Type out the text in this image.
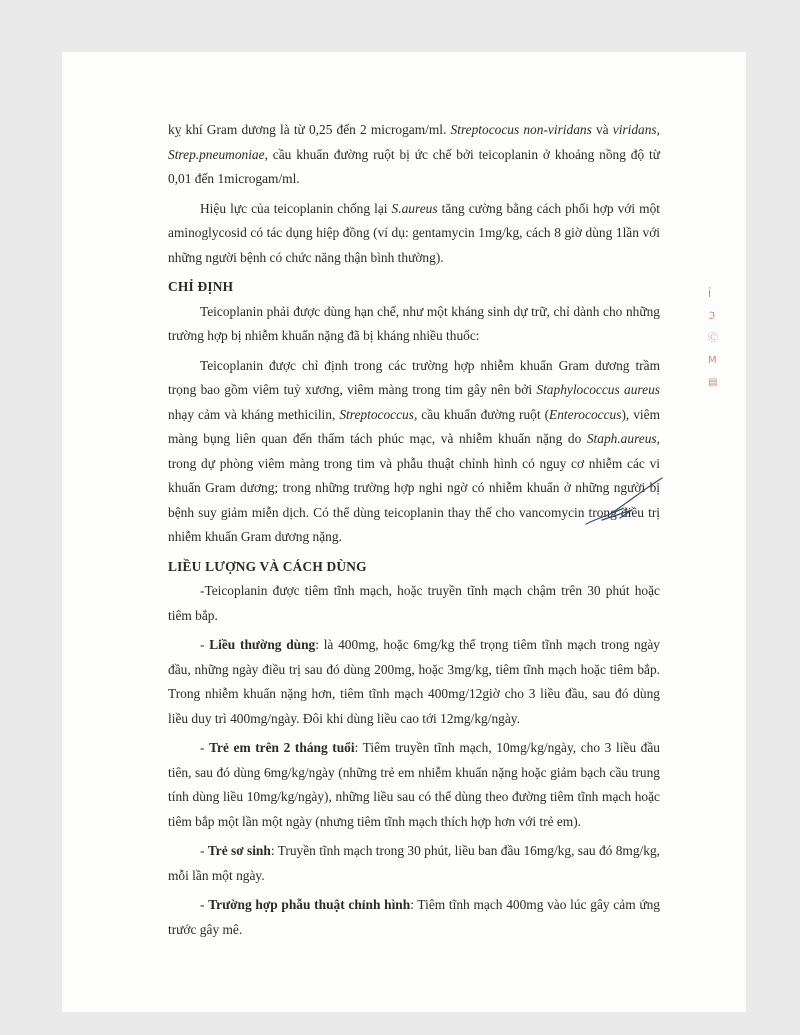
kỵ khí Gram dương là từ 0,25 đến 2 microgam/ml. Streptococus non-viridans và viridans, Strep.pneumoniae, cầu khuẩn đường ruột bị ức chế bởi teicoplanin ở khoảng nồng độ từ 0,01 đến 1microgam/ml.

Hiệu lực của teicoplanin chống lại S.aureus tăng cường bằng cách phối hợp với một aminoglycosid có tác dụng hiệp đồng (ví dụ: gentamycin 1mg/kg, cách 8 giờ dùng 1lần với những người bệnh có chức năng thận bình thường).

CHỈ ĐỊNH

Teicoplanin phải được dùng hạn chế, như một kháng sinh dự trữ, chỉ dành cho những trường hợp bị nhiễm khuẩn nặng đã bị kháng nhiều thuốc:

Teicoplanin được chỉ định trong các trường hợp nhiễm khuẩn Gram dương trầm trọng bao gồm viêm tuỷ xương, viêm màng trong tim gây nên bởi Staphylococcus aureus nhạy cảm và kháng methicilin, Streptococcus, cầu khuẩn đường ruột (Enterococcus), viêm màng bụng liên quan đến thẩm tách phúc mạc, và nhiễm khuẩn nặng do Staph.aureus, trong dự phòng viêm màng trong tim và phẫu thuật chỉnh hình có nguy cơ nhiễm các vi khuẩn Gram dương; trong những trường hợp nghi ngờ có nhiễm khuẩn ở những người bị bệnh suy giảm miễn dịch. Có thể dùng teicoplanin thay thế cho vancomycin trong điều trị nhiễm khuẩn Gram dương nặng.

LIỀU LƯỢNG VÀ CÁCH DÙNG

-Teicoplanin được tiêm tĩnh mạch, hoặc truyền tĩnh mạch chậm trên 30 phút hoặc tiêm bắp.

- Liều thường dùng: là 400mg, hoặc 6mg/kg thể trọng tiêm tĩnh mạch trong ngày đầu, những ngày điều trị sau đó dùng 200mg, hoặc 3mg/kg, tiêm tĩnh mạch hoặc tiêm bắp. Trong nhiễm khuẩn nặng hơn, tiêm tĩnh mạch 400mg/12giờ cho 3 liều đầu, sau đó dùng liều duy trì 400mg/ngày. Đôi khi dùng liều cao tới 12mg/kg/ngày.

- Trẻ em trên 2 tháng tuổi: Tiêm truyền tĩnh mạch, 10mg/kg/ngày, cho 3 liều đầu tiên, sau đó dùng 6mg/kg/ngày (những trẻ em nhiễm khuẩn nặng hoặc giảm bạch cầu trung tính dùng liều 10mg/kg/ngày), những liều sau có thể dùng theo đường tiêm tĩnh mạch hoặc tiêm bắp một lần một ngày (nhưng tiêm tĩnh mạch thích hợp hơn với trẻ em).

- Trẻ sơ sinh: Truyền tĩnh mạch trong 30 phút, liều ban đầu 16mg/kg, sau đó 8mg/kg, mỗi lần một ngày.

- Trường hợp phẫu thuật chỉnh hình: Tiêm tĩnh mạch 400mg vào lúc gây cảm ứng trước gây mê.

Ỉ
ℑ
Ⓒ
M
▤
